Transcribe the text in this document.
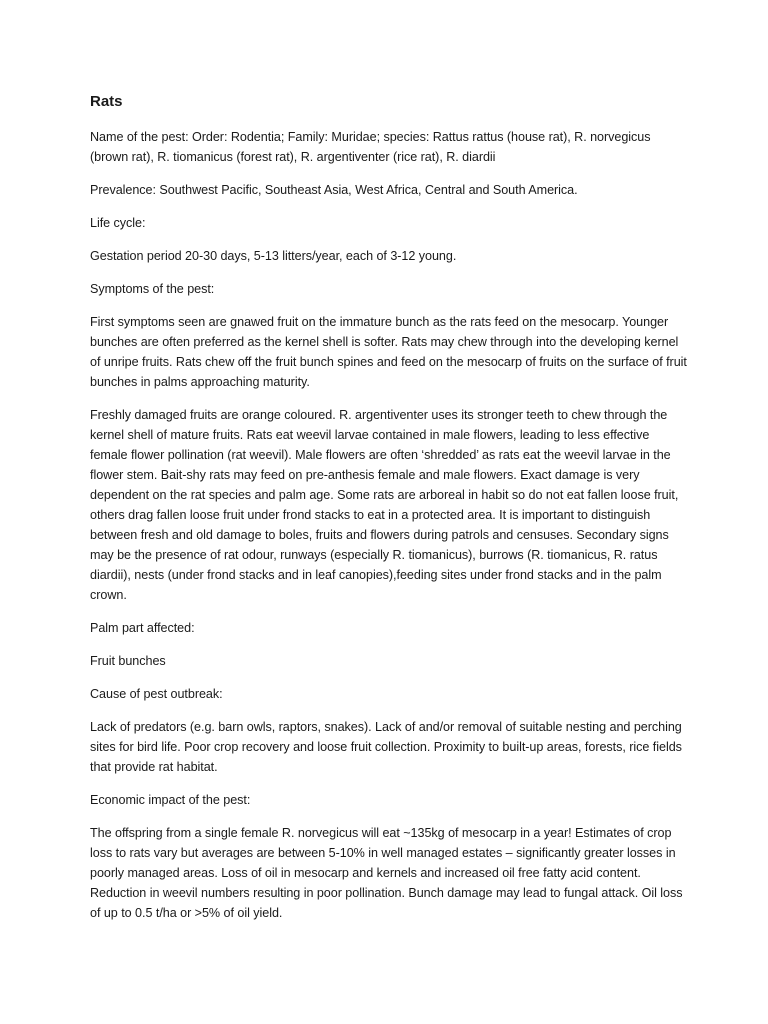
Rats

Name of the pest: Order: Rodentia; Family: Muridae; species: Rattus rattus (house rat), R. norvegicus (brown rat), R. tiomanicus (forest rat), R. argentiventer (rice rat), R. diardii

Prevalence: Southwest Pacific, Southeast Asia, West Africa, Central and South America.

Life cycle:

Gestation period 20-30 days, 5-13 litters/year, each of 3-12 young.

Symptoms of the pest:

First symptoms seen are gnawed fruit on the immature bunch as the rats feed on the mesocarp. Younger bunches are often preferred as the kernel shell is softer. Rats may chew through into the developing kernel of unripe fruits. Rats chew off the fruit bunch spines and feed on the mesocarp of fruits on the surface of fruit bunches in palms approaching maturity.

Freshly damaged fruits are orange coloured. R. argentiventer uses its stronger teeth to chew through the kernel shell of mature fruits. Rats eat weevil larvae contained in male flowers, leading to less effective female flower pollination (rat weevil). Male flowers are often ‘shredded’ as rats eat the weevil larvae in the flower stem. Bait-shy rats may feed on pre-anthesis female and male flowers. Exact damage is very dependent on the rat species and palm age. Some rats are arboreal in habit so do not eat fallen loose fruit, others drag fallen loose fruit under frond stacks to eat in a protected area. It is important to distinguish between fresh and old damage to boles, fruits and flowers during patrols and censuses. Secondary signs may be the presence of rat odour, runways (especially R. tiomanicus), burrows (R. tiomanicus, R. ratus diardii), nests (under frond stacks and in leaf canopies),feeding sites under frond stacks and in the palm crown.

Palm part affected:

Fruit bunches

Cause of pest outbreak:

Lack of predators (e.g. barn owls, raptors, snakes). Lack of and/or removal of suitable nesting and perching sites for bird life. Poor crop recovery and loose fruit collection. Proximity to built-up areas, forests, rice fields that provide rat habitat.

Economic impact of the pest:

The offspring from a single female R. norvegicus will eat ~135kg of mesocarp in a year! Estimates of crop loss to rats vary but averages are between 5-10% in well managed estates – significantly greater losses in poorly managed areas. Loss of oil in mesocarp and kernels and increased oil free fatty acid content. Reduction in weevil numbers resulting in poor pollination. Bunch damage may lead to fungal attack. Oil loss of up to 0.5 t/ha or >5% of oil yield.
